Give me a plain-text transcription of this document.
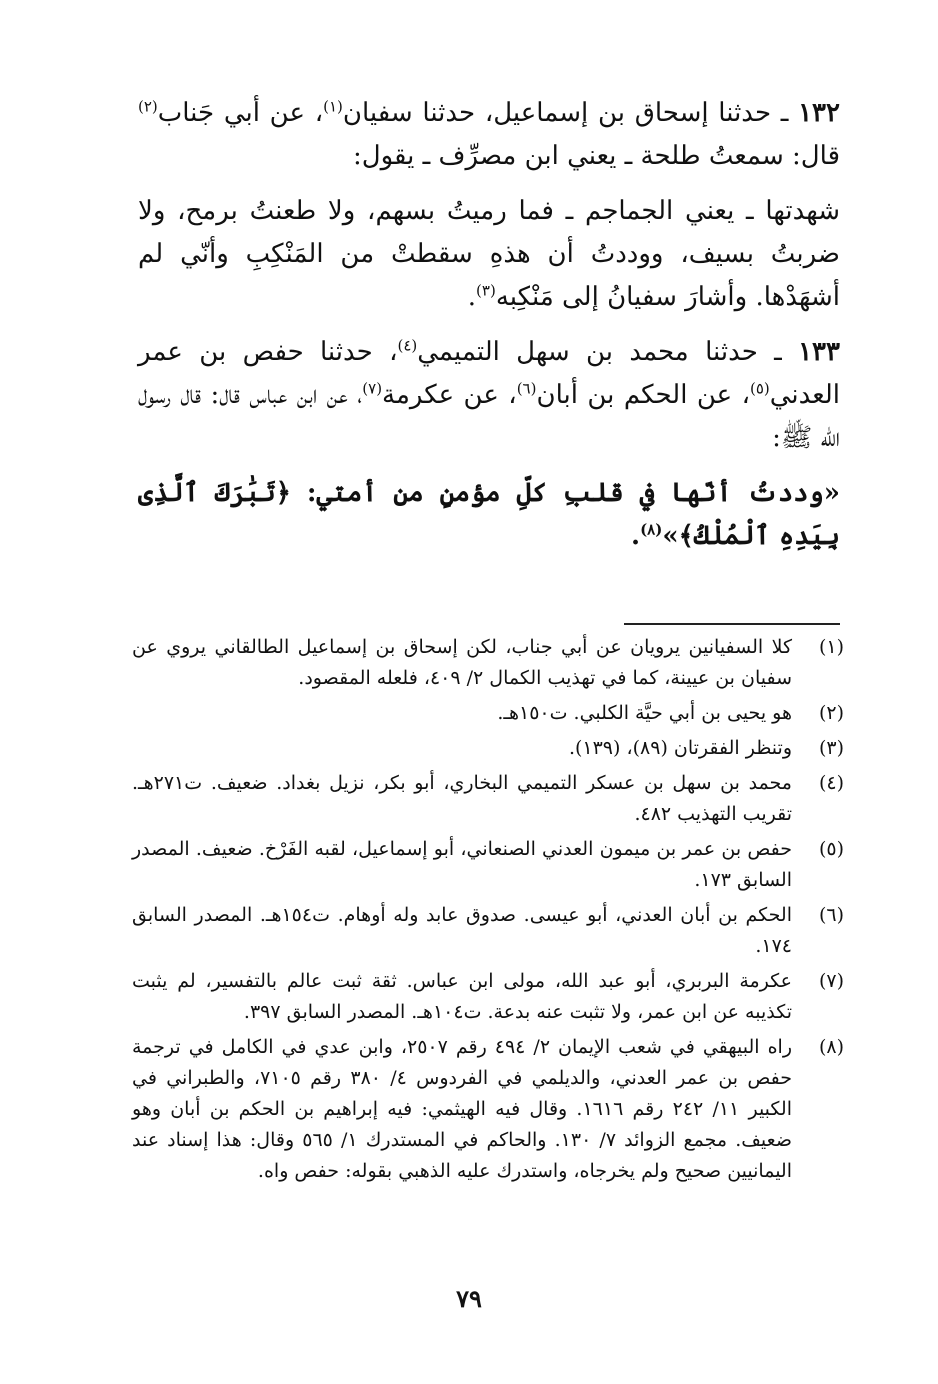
١٣٢ ـ حدثنا إسحاق بن إسماعيل، حدثنا سفيان$^{(١)}$، عن أبي جَناب$^{(٢)}$ قال: سمعتُ طلحة ـ يعني ابن مصرِّف ـ يقول:

شهدتها ـ يعني الجماجم ـ فما رميتُ بسهم، ولا طعنتُ برمح، ولا ضربتُ بسيف، ووددتُ أن هذهِ سقطتْ من المَنْكِبِ وأنّي لم أشهَدْها. وأشارَ سفيانُ إلى مَنْكِبه$^{(٣)}$.

١٣٣ ـ حدثنا محمد بن سهل التميمي$^{(٤)}$، حدثنا حفص بن عمر العدني$^{(٥)}$، عن الحكم بن أبان$^{(٦)}$، عن عكرمة$^{(٧)}$، عن ابن عباس قال: قال رسول الله ﷺ:

«وددتُ أنّها في قلبِ كلِّ مؤمنٍ من أمتي: ﴿تَبَٰرَكَ ٱلَّذِى بِيَدِهِ ٱلْمُلْكُ﴾»$^{(٨)}$.

(١)
كلا السفيانين يرويان عن أبي جناب، لكن إسحاق بن إسماعيل الطالقاني يروي عن سفيان بن عيينة، كما في تهذيب الكمال ٢/ ٤٠٩، فلعله المقصود.
(٢)
هو يحيى بن أبي حيَّة الكلبي. ت١٥٠هـ.
(٣)
وتنظر الفقرتان (٨٩)، (١٣٩).
(٤)
محمد بن سهل بن عسكر التميمي البخاري، أبو بكر، نزيل بغداد. ضعيف. ت٢٧١هـ. تقريب التهذيب ٤٨٢.
(٥)
حفص بن عمر بن ميمون العدني الصنعاني، أبو إسماعيل، لقبه الفَرْخ. ضعيف. المصدر السابق ١٧٣.
(٦)
الحكم بن أبان العدني، أبو عيسى. صدوق عابد وله أوهام. ت١٥٤هـ. المصدر السابق ١٧٤.
(٧)
عكرمة البربري، أبو عبد الله، مولى ابن عباس. ثقة ثبت عالم بالتفسير، لم يثبت تكذيبه عن ابن عمر، ولا تثبت عنه بدعة. ت١٠٤هـ. المصدر السابق ٣٩٧.
(٨)
راه البيهقي في شعب الإيمان ٢/ ٤٩٤ رقم ٢٥٠٧، وابن عدي في الكامل في ترجمة حفص بن عمر العدني، والديلمي في الفردوس ٤/ ٣٨٠ رقم ٧١٠٥، والطبراني في الكبير ١١/ ٢٤٢ رقم ١٦١٦. وقال فيه الهيثمي: فيه إبراهيم بن الحكم بن أبان وهو ضعيف. مجمع الزوائد ٧/ ١٣٠. والحاكم في المستدرك ١/ ٥٦٥ وقال: هذا إسناد عند اليمانيين صحيح ولم يخرجاه، واستدرك عليه الذهبي بقوله: حفص واه.
٧٩
